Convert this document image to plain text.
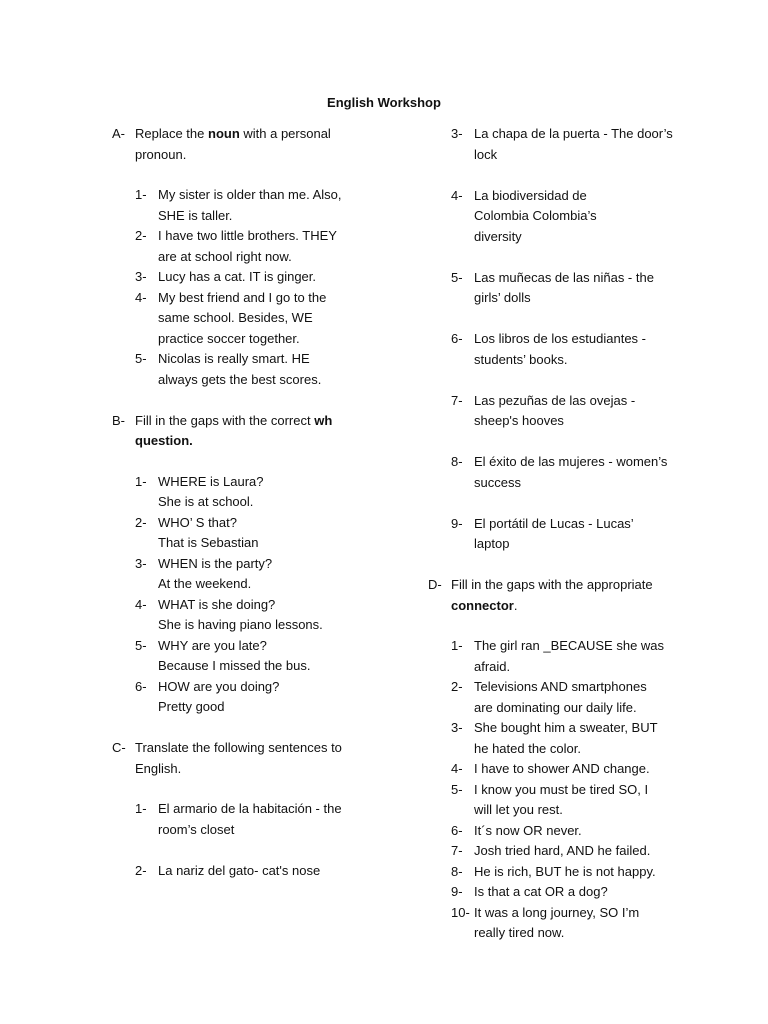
English Workshop
A- Replace the noun with a personal pronoun.
1- My sister is older than me. Also, SHE is taller.
2- I have two little brothers. THEY are at school right now.
3- Lucy has a cat. IT is ginger.
4- My best friend and I go to the same school. Besides, WE practice soccer together.
5- Nicolas is really smart. HE always gets the best scores.
B- Fill in the gaps with the correct wh question.
1- WHERE is Laura?
She is at school.
2- WHO’ S that?
That is Sebastian
3- WHEN is the party?
At the weekend.
4- WHAT is she doing?
She is having piano lessons.
5- WHY are you late?
Because I missed the bus.
6- HOW are you doing?
Pretty good
C- Translate the following sentences to English.
1- El armario de la habitación - the room’s closet
2- La nariz del gato- cat's nose
3- La chapa de la puerta - The door’s lock
4- La biodiversidad de Colombia Colombia’s diversity
5- Las muñecas de las niñas - the girls’ dolls
6- Los libros de los estudiantes - students’ books.
7- Las pezuñas de las ovejas - sheep's hooves
8- El éxito de las mujeres - women’s success
9- El portátil de Lucas - Lucas’ laptop
D- Fill in the gaps with the appropriate connector.
1- The girl ran _BECAUSE she was afraid.
2- Televisions AND smartphones are dominating our daily life.
3- She bought him a sweater, BUT he hated the color.
4- I have to shower AND change.
5- I know you must be tired SO, I will let you rest.
6- It´s now OR never.
7- Josh tried hard, AND he failed.
8- He is rich, BUT he is not happy.
9- Is that a cat OR a dog?
10- It was a long journey, SO I’m really tired now.
